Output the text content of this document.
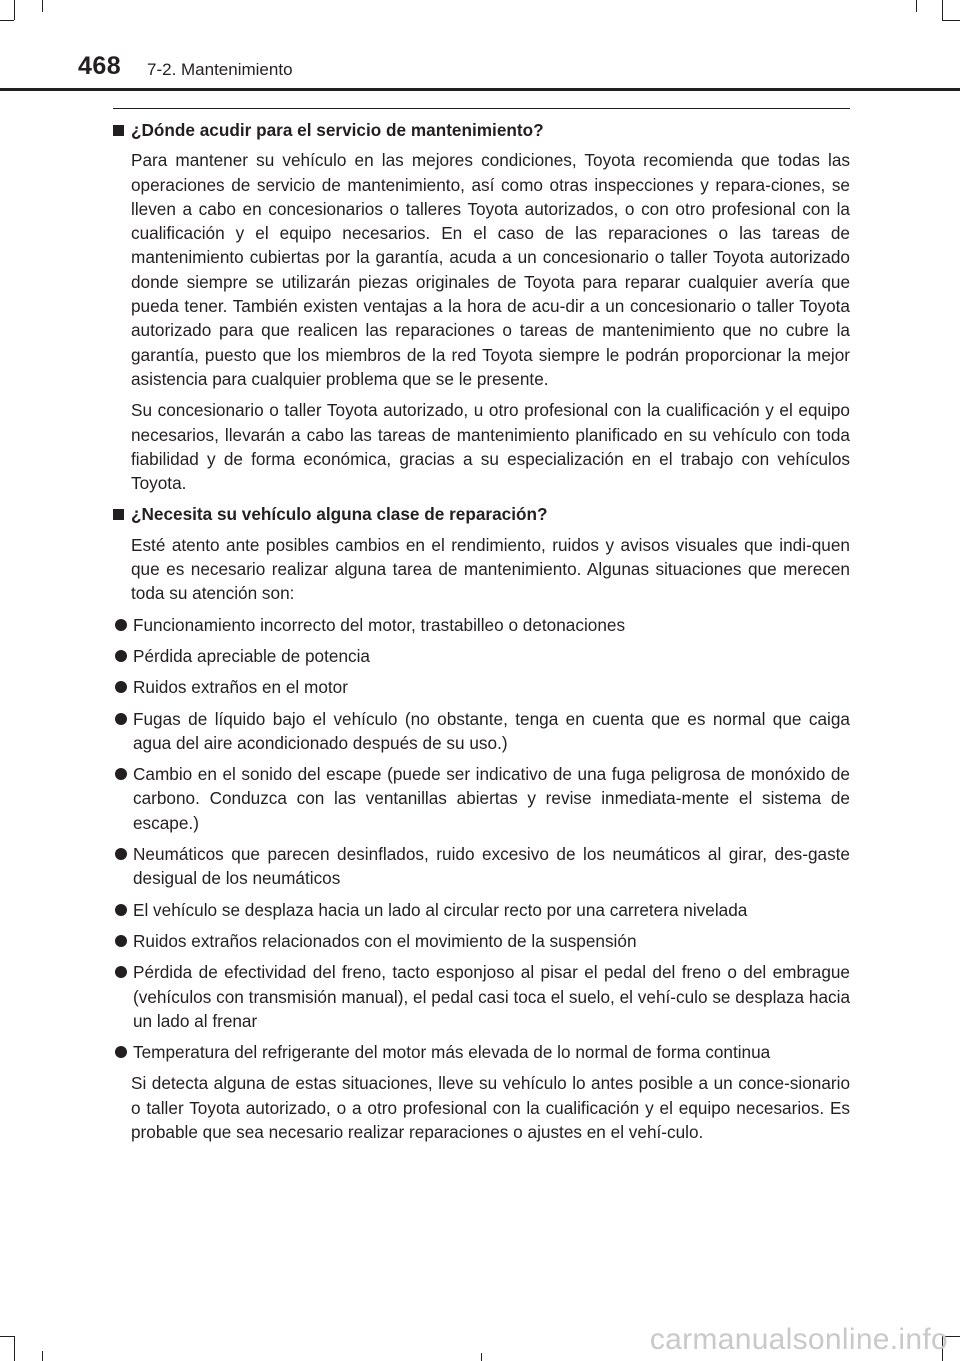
468 7-2. Mantenimiento
¿Dónde acudir para el servicio de mantenimiento?

Para mantener su vehículo en las mejores condiciones, Toyota recomienda que todas las operaciones de servicio de mantenimiento, así como otras inspecciones y repara-ciones, se lleven a cabo en concesionarios o talleres Toyota autorizados, o con otro profesional con la cualificación y el equipo necesarios. En el caso de las reparaciones o las tareas de mantenimiento cubiertas por la garantía, acuda a un concesionario o taller Toyota autorizado donde siempre se utilizarán piezas originales de Toyota para reparar cualquier avería que pueda tener. También existen ventajas a la hora de acu-dir a un concesionario o taller Toyota autorizado para que realicen las reparaciones o tareas de mantenimiento que no cubre la garantía, puesto que los miembros de la red Toyota siempre le podrán proporcionar la mejor asistencia para cualquier problema que se le presente.

Su concesionario o taller Toyota autorizado, u otro profesional con la cualificación y el equipo necesarios, llevarán a cabo las tareas de mantenimiento planificado en su vehículo con toda fiabilidad y de forma económica, gracias a su especialización en el trabajo con vehículos Toyota.

¿Necesita su vehículo alguna clase de reparación?

Esté atento ante posibles cambios en el rendimiento, ruidos y avisos visuales que indi-quen que es necesario realizar alguna tarea de mantenimiento. Algunas situaciones que merecen toda su atención son:

Funcionamiento incorrecto del motor, trastabilleo o detonaciones
Pérdida apreciable de potencia
Ruidos extraños en el motor
Fugas de líquido bajo el vehículo (no obstante, tenga en cuenta que es normal que caiga agua del aire acondicionado después de su uso.)
Cambio en el sonido del escape (puede ser indicativo de una fuga peligrosa de monóxido de carbono. Conduzca con las ventanillas abiertas y revise inmediata-mente el sistema de escape.)
Neumáticos que parecen desinflados, ruido excesivo de los neumáticos al girar, des-gaste desigual de los neumáticos
El vehículo se desplaza hacia un lado al circular recto por una carretera nivelada
Ruidos extraños relacionados con el movimiento de la suspensión
Pérdida de efectividad del freno, tacto esponjoso al pisar el pedal del freno o del embrague (vehículos con transmisión manual), el pedal casi toca el suelo, el vehí-culo se desplaza hacia un lado al frenar
Temperatura del refrigerante del motor más elevada de lo normal de forma continua

Si detecta alguna de estas situaciones, lleve su vehículo lo antes posible a un conce-sionario o taller Toyota autorizado, o a otro profesional con la cualificación y el equipo necesarios. Es probable que sea necesario realizar reparaciones o ajustes en el vehí-culo.

carmanualsonline.info
